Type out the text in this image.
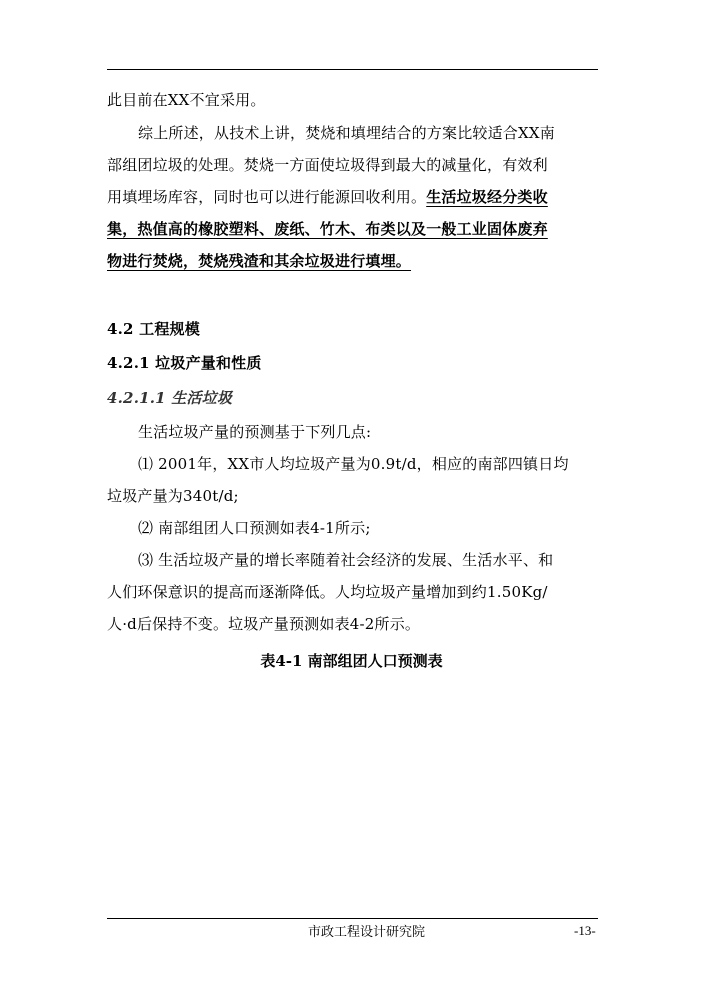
此目前在XX不宜采用。
综上所述，从技术上讲，焚烧和填埋结合的方案比较适合XX南
部组团垃圾的处理。焚烧一方面使垃圾得到最大的减量化，有效利
用填埋场库容，同时也可以进行能源回收利用。生活垃圾经分类收
集，热值高的橡胶塑料、废纸、竹木、布类以及一般工业固体废弃
物进行焚烧，焚烧残渣和其余垃圾进行填埋。
4.2 工程规模
4.2.1 垃圾产量和性质
4.2.1.1 生活垃圾
生活垃圾产量的预测基于下列几点:
⑴ 2001年，XX市人均垃圾产量为0.9t/d，相应的南部四镇日均
垃圾产量为340t/d;
⑵ 南部组团人口预测如表4-1所示;
⑶ 生活垃圾产量的增长率随着社会经济的发展、生活水平、和
人们环保意识的提高而逐渐降低。人均垃圾产量增加到约1.50Kg/
人·d后保持不变。垃圾产量预测如表4-2所示。
表4-1 南部组团人口预测表
市政工程设计研究院	-13-
